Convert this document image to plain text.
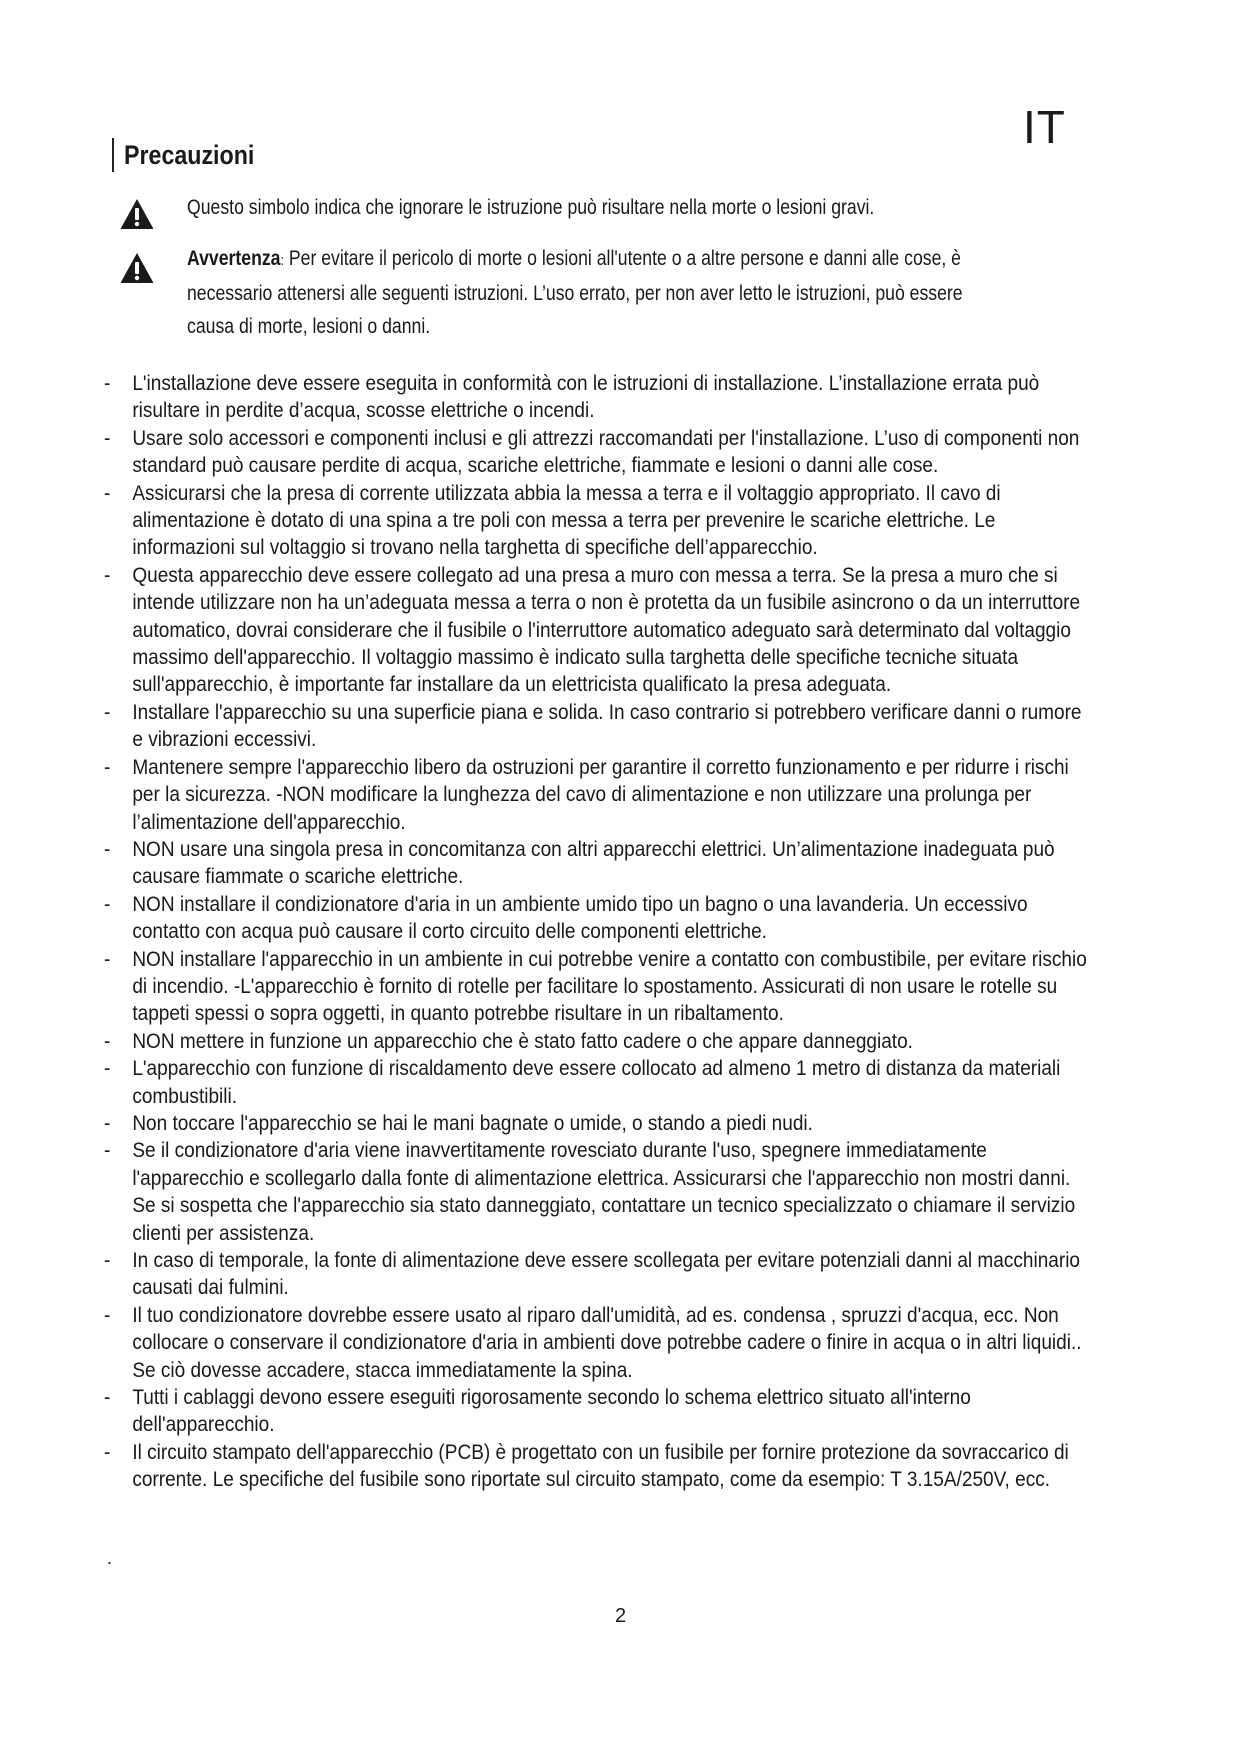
IT
Precauzioni
Questo simbolo indica che ignorare le istruzione può risultare nella morte o lesioni gravi.
Avvertenza: Per evitare il pericolo di morte o lesioni all'utente o a altre persone e danni alle cose, è necessario attenersi alle seguenti istruzioni. L’uso errato, per non aver letto le istruzioni, può essere causa di morte, lesioni o danni.
- L'installazione deve essere eseguita in conformità con le istruzioni di installazione. L’installazione errata può risultare in perdite d’acqua, scosse elettriche o incendi.
- Usare solo accessori e componenti inclusi e gli attrezzi raccomandati per l'installazione. L’uso di componenti non standard può causare perdite di acqua, scariche elettriche, fiammate e lesioni o danni alle cose.
- Assicurarsi che la presa di corrente utilizzata abbia la messa a terra e il voltaggio appropriato. Il cavo di alimentazione è dotato di una spina a tre poli con messa a terra per prevenire le scariche elettriche. Le informazioni sul voltaggio si trovano nella targhetta di specifiche dell’apparecchio.
- Questa apparecchio deve essere collegato ad una presa a muro con messa a terra. Se la presa a muro che si intende utilizzare non ha un’adeguata messa a terra o non è protetta da un fusibile asincrono o da un interruttore automatico, dovrai considerare che il fusibile o l'interruttore automatico adeguato sarà determinato dal voltaggio massimo dell'apparecchio. Il voltaggio massimo è indicato sulla targhetta delle specifiche tecniche situata sull'apparecchio, è importante far installare da un elettricista qualificato la presa adeguata.
- Installare l'apparecchio su una superficie piana e solida. In caso contrario si potrebbero verificare danni o rumore e vibrazioni eccessivi.
- Mantenere sempre l'apparecchio libero da ostruzioni per garantire il corretto funzionamento e per ridurre i rischi per la sicurezza. -NON modificare la lunghezza del cavo di alimentazione e non utilizzare una prolunga per l’alimentazione dell'apparecchio.
- NON usare una singola presa in concomitanza con altri apparecchi elettrici. Un’alimentazione inadeguata può causare fiammate o scariche elettriche.
- NON installare il condizionatore d'aria in un ambiente umido tipo un bagno o una lavanderia. Un eccessivo contatto con acqua può causare il corto circuito delle componenti elettriche.
- NON installare l'apparecchio in un ambiente in cui potrebbe venire a contatto con combustibile, per evitare rischio di incendio. -L'apparecchio è fornito di rotelle per facilitare lo spostamento. Assicurati di non usare le rotelle su tappeti spessi o sopra oggetti, in quanto potrebbe risultare in un ribaltamento.
- NON mettere in funzione un apparecchio che è stato fatto cadere o che appare danneggiato.
- L'apparecchio con funzione di riscaldamento deve essere collocato ad almeno 1 metro di distanza da materiali combustibili.
- Non toccare l'apparecchio se hai le mani bagnate o umide, o stando a piedi nudi.
- Se il condizionatore d'aria viene inavvertitamente rovesciato durante l'uso, spegnere immediatamente l'apparecchio e scollegarlo dalla fonte di alimentazione elettrica. Assicurarsi che l'apparecchio non mostri danni. Se si sospetta che l'apparecchio sia stato danneggiato, contattare un tecnico specializzato o chiamare il servizio clienti per assistenza.
- In caso di temporale, la fonte di alimentazione deve essere scollegata per evitare potenziali danni al macchinario causati dai fulmini.
- Il tuo condizionatore dovrebbe essere usato al riparo dall'umidità, ad es. condensa , spruzzi d'acqua, ecc. Non collocare o conservare il condizionatore d'aria in ambienti dove potrebbe cadere o finire in acqua o in altri liquidi.. Se ciò dovesse accadere, stacca immediatamente la spina.
- Tutti i cablaggi devono essere eseguiti rigorosamente secondo lo schema elettrico situato all'interno dell'apparecchio.
- Il circuito stampato dell'apparecchio (PCB) è progettato con un fusibile per fornire protezione da sovraccarico di corrente. Le specifiche del fusibile sono riportate sul circuito stampato, come da esempio: T 3.15A/250V, ecc.
.
2
